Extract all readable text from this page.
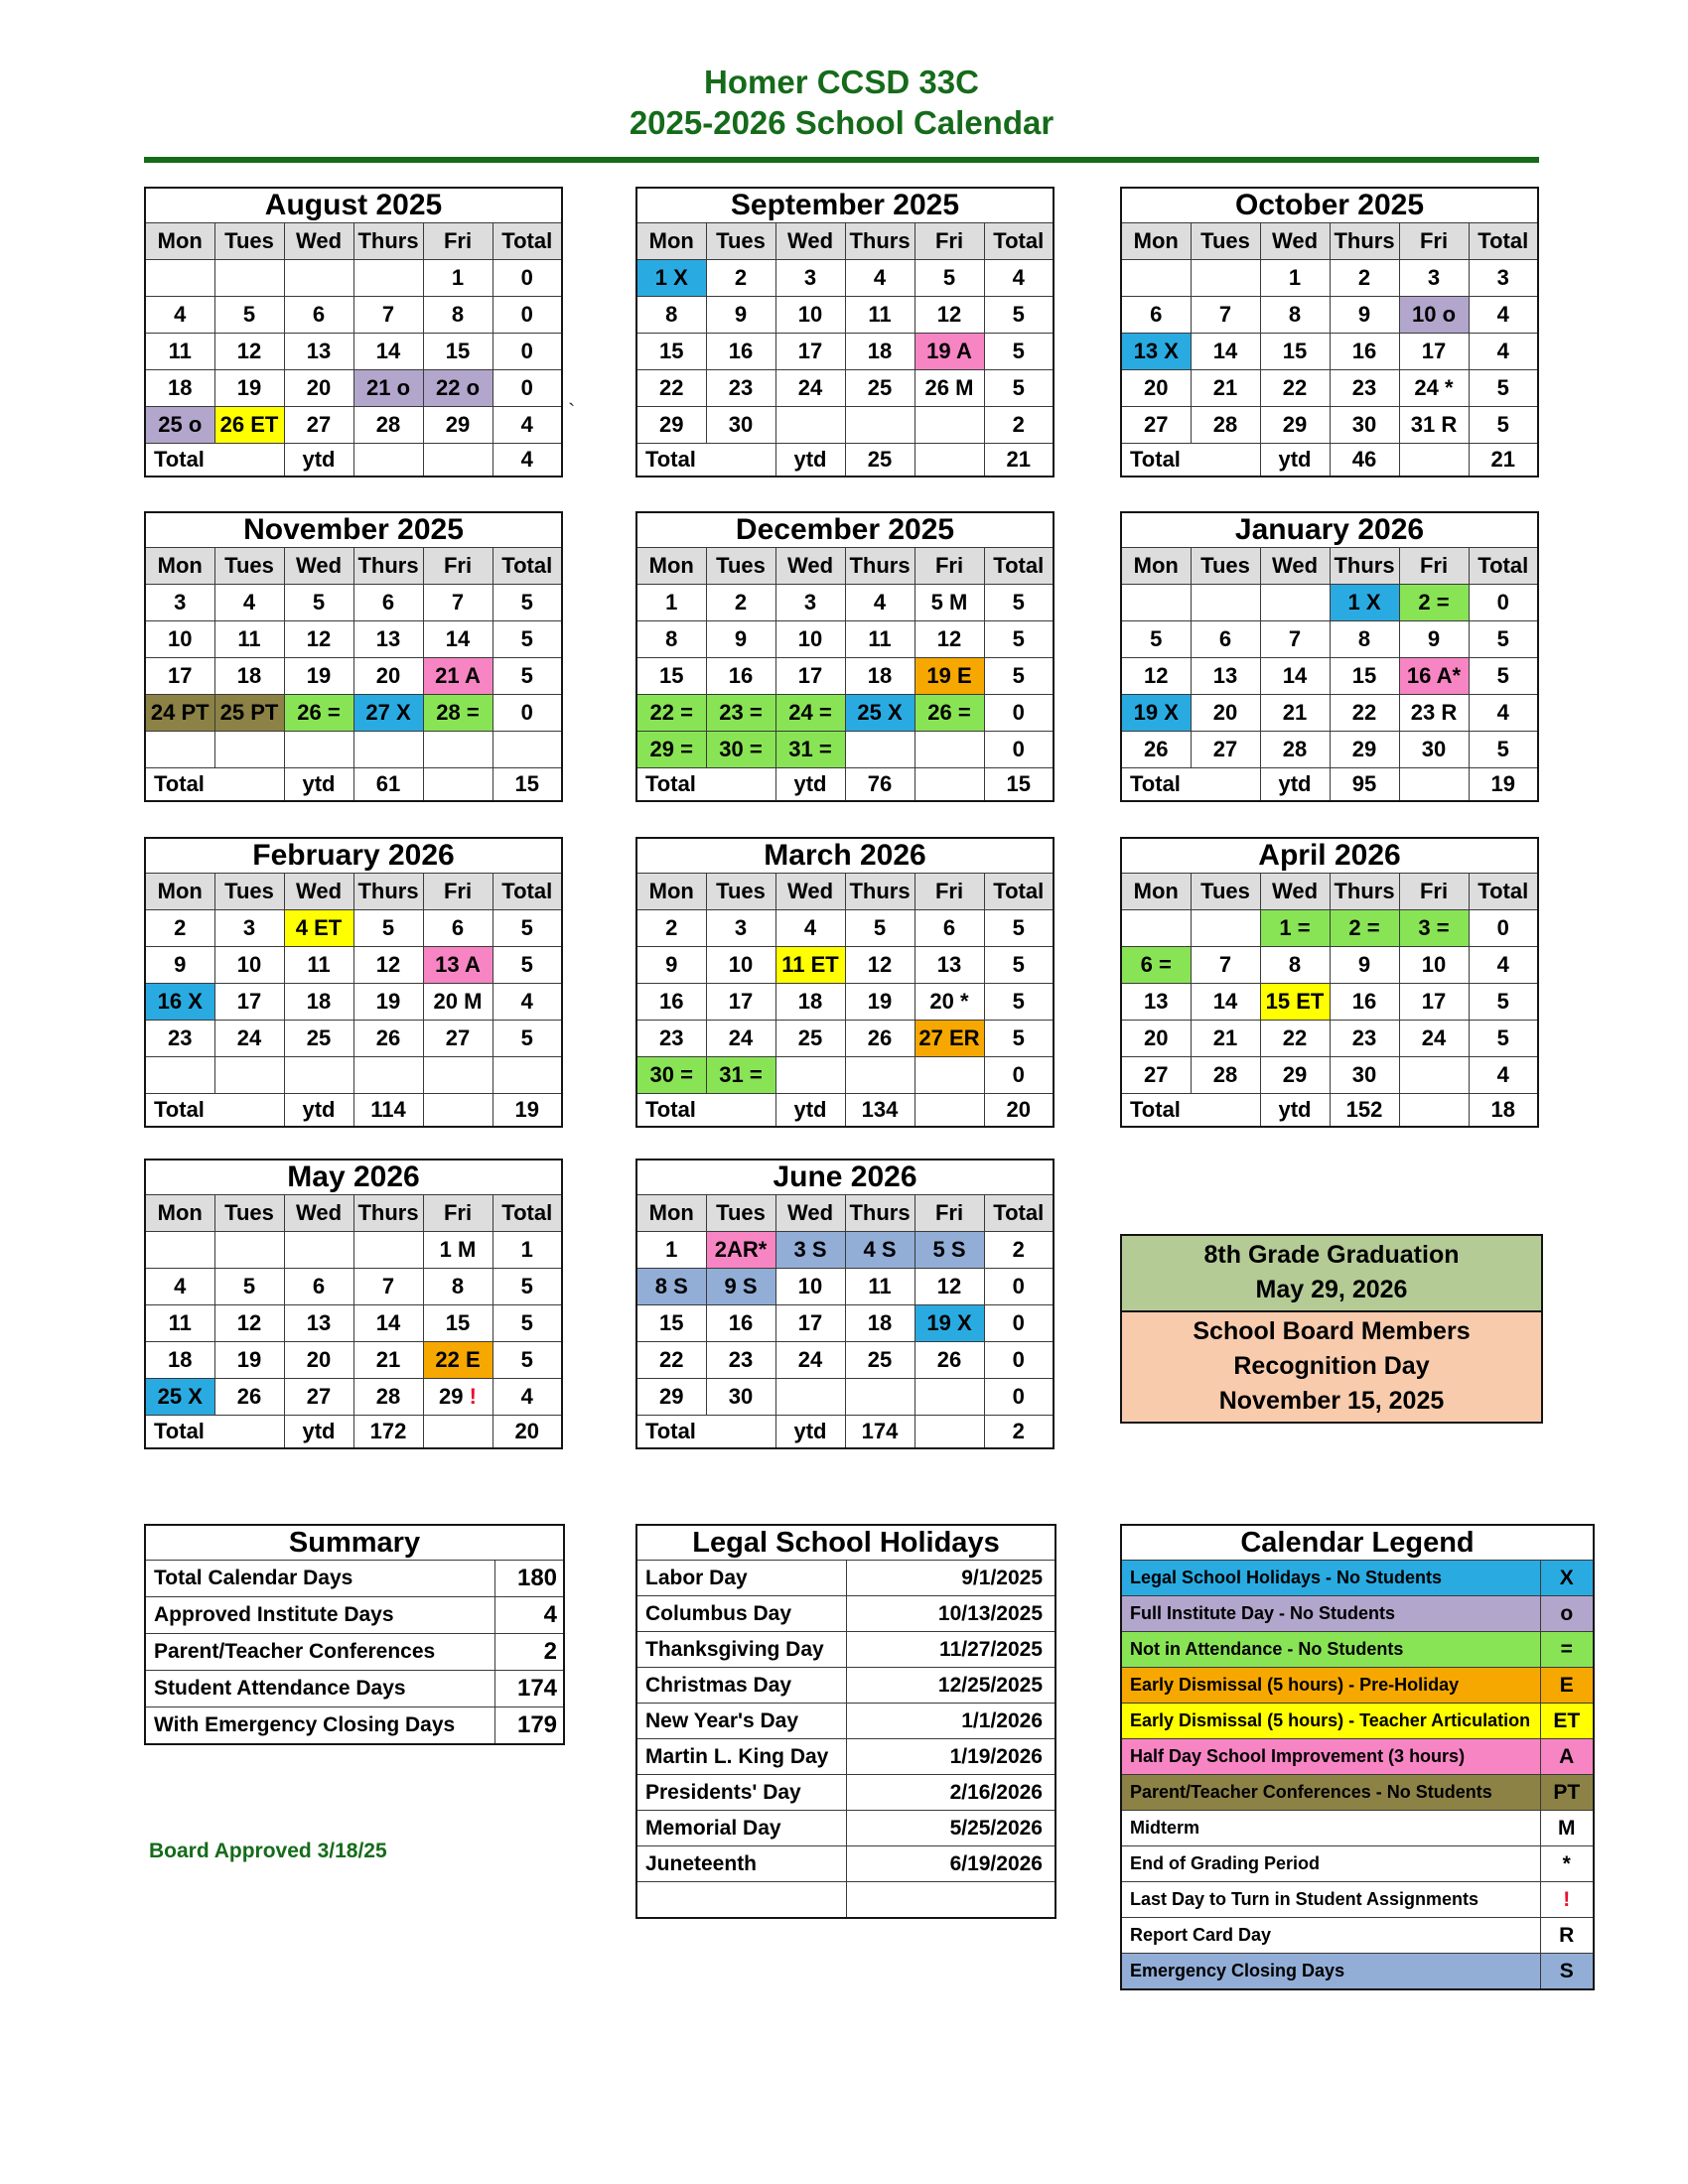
Homer CCSD 33C
2025-2026 School Calendar
August 2025					
Mon	Tues	Wed	Thurs	Fri	Total
				1	0
4	5	6	7	8	0
11	12	13	14	15	0
18	19	20	21 o	22 o	0
25 o	26 ET	27	28	29	4
Total		ytd			4
September 2025					
Mon	Tues	Wed	Thurs	Fri	Total
1 X	2	3	4	5	4
8	9	10	11	12	5
15	16	17	18	19 A	5
22	23	24	25	26 M	5
29	30				2
Total		ytd	25		21
October 2025					
Mon	Tues	Wed	Thurs	Fri	Total
		1	2	3	3
6	7	8	9	10 o	4
13 X	14	15	16	17	4
20	21	22	23	24 *	5
27	28	29	30	31 R	5
Total		ytd	46		21
November 2025					
Mon	Tues	Wed	Thurs	Fri	Total
3	4	5	6	7	5
10	11	12	13	14	5
17	18	19	20	21 A	5
24 PT	25 PT	26 =	27 X	28 =	0

Total		ytd	61		15
December 2025					
Mon	Tues	Wed	Thurs	Fri	Total
1	2	3	4	5 M	5
8	9	10	11	12	5
15	16	17	18	19 E	5
22 =	23 =	24 =	25 X	26 =	0
29 =	30 =	31 =			0
Total		ytd	76		15
January 2026					
Mon	Tues	Wed	Thurs	Fri	Total
			1 X	2 =	0
5	6	7	8	9	5
12	13	14	15	16 A*	5
19 X	20	21	22	23 R	4
26	27	28	29	30	5
Total		ytd	95		19
February 2026					
Mon	Tues	Wed	Thurs	Fri	Total
2	3	4 ET	5	6	5
9	10	11	12	13 A	5
16 X	17	18	19	20 M	4
23	24	25	26	27	5

Total		ytd	114		19
March 2026					
Mon	Tues	Wed	Thurs	Fri	Total
2	3	4	5	6	5
9	10	11 ET	12	13	5
16	17	18	19	20 *	5
23	24	25	26	27 ER	5
30 =	31 =				0
Total		ytd	134		20
April 2026					
Mon	Tues	Wed	Thurs	Fri	Total
		1 =	2 =	3 =	0
6 =	7	8	9	10	4
13	14	15 ET	16	17	5
20	21	22	23	24	5
27	28	29	30		4
Total		ytd	152		18
May 2026					
Mon	Tues	Wed	Thurs	Fri	Total
				1 M	1
4	5	6	7	8	5
11	12	13	14	15	5
18	19	20	21	22 E	5
25 X	26	27	28	29 !	4
Total		ytd	172		20
June 2026					
Mon	Tues	Wed	Thurs	Fri	Total
1	2AR*	3 S	4 S	5 S	2
8 S	9 S	10	11	12	0
15	16	17	18	19 X	0
22	23	24	25	26	0
29	30				0
Total		ytd	174		2
8th Grade Graduation
May 29, 2026
School Board Members
Recognition Day
November 15, 2025
Summary	
Total Calendar Days	180
Approved Institute Days	4
Parent/Teacher Conferences	2
Student Attendance Days	174
With Emergency Closing Days	179
Legal School Holidays	
Labor Day	9/1/2025
Columbus Day	10/13/2025
Thanksgiving Day	11/27/2025
Christmas Day	12/25/2025
New Year's Day	1/1/2026
Martin L. King Day	1/19/2026
Presidents' Day	2/16/2026
Memorial Day	5/25/2026
Juneteenth	6/19/2026

Calendar Legend	
Legal School Holidays - No Students	X
Full Institute Day - No Students	o
Not in Attendance - No Students	=
Early Dismissal (5 hours) - Pre-Holiday	E
Early Dismissal (5 hours) - Teacher Articulation	ET
Half Day School Improvement (3 hours)	A
Parent/Teacher Conferences - No Students	PT
Midterm	M
End of Grading Period	*
Last Day to Turn in Student Assignments	!
Report Card Day	R
Emergency Closing Days	S
Board Approved 3/18/25
`
